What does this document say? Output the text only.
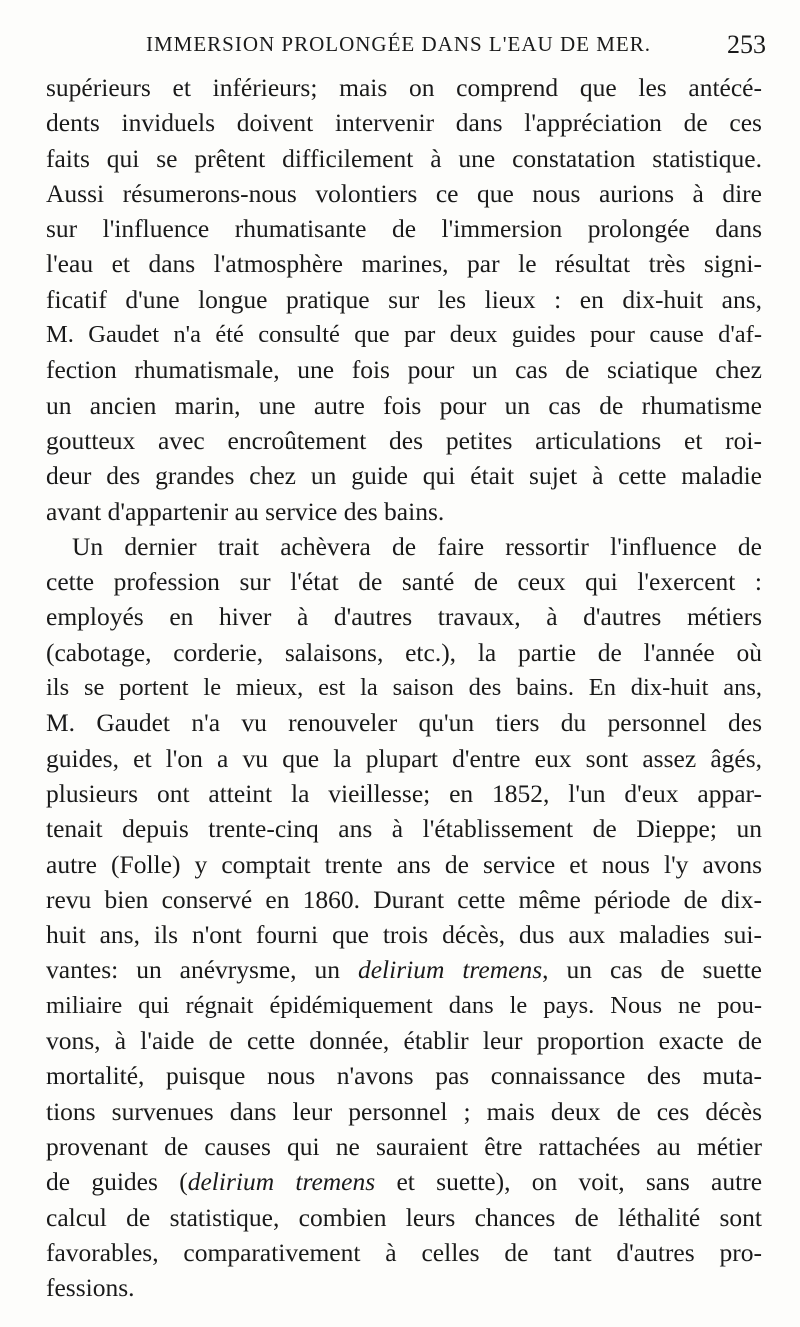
IMMERSION PROLONGÉE DANS L'EAU DE MER.	253
supérieurs et inférieurs; mais on comprend que les antécé-
dents inviduels doivent intervenir dans l'appréciation de ces
faits qui se prêtent difficilement à une constatation statistique.
Aussi résumerons-nous volontiers ce que nous aurions à dire
sur l'influence rhumatisante de l'immersion prolongée dans
l'eau et dans l'atmosphère marines, par le résultat très signi-
ficatif d'une longue pratique sur les lieux : en dix-huit ans,
M. Gaudet n'a été consulté que par deux guides pour cause d'af-
fection rhumatismale, une fois pour un cas de sciatique chez
un ancien marin, une autre fois pour un cas de rhumatisme
goutteux avec encroûtement des petites articulations et roi-
deur des grandes chez un guide qui était sujet à cette maladie
avant d'appartenir au service des bains.
Un dernier trait achèvera de faire ressortir l'influence de
cette profession sur l'état de santé de ceux qui l'exercent :
employés en hiver à d'autres travaux, à d'autres métiers
(cabotage, corderie, salaisons, etc.), la partie de l'année où
ils se portent le mieux, est la saison des bains. En dix-huit ans,
M. Gaudet n'a vu renouveler qu'un tiers du personnel des
guides, et l'on a vu que la plupart d'entre eux sont assez âgés,
plusieurs ont atteint la vieillesse; en 1852, l'un d'eux appar-
tenait depuis trente-cinq ans à l'établissement de Dieppe; un
autre (Folle) y comptait trente ans de service et nous l'y avons
revu bien conservé en 1860. Durant cette même période de dix-
huit ans, ils n'ont fourni que trois décès, dus aux maladies sui-
vantes: un anévrysme, un delirium tremens, un cas de suette
miliaire qui régnait épidémiquement dans le pays. Nous ne pou-
vons, à l'aide de cette donnée, établir leur proportion exacte de
mortalité, puisque nous n'avons pas connaissance des muta-
tions survenues dans leur personnel ; mais deux de ces décès
provenant de causes qui ne sauraient être rattachées au métier
de guides (delirium tremens et suette), on voit, sans autre
calcul de statistique, combien leurs chances de léthalité sont
favorables, comparativement à celles de tant d'autres pro-
fessions.
